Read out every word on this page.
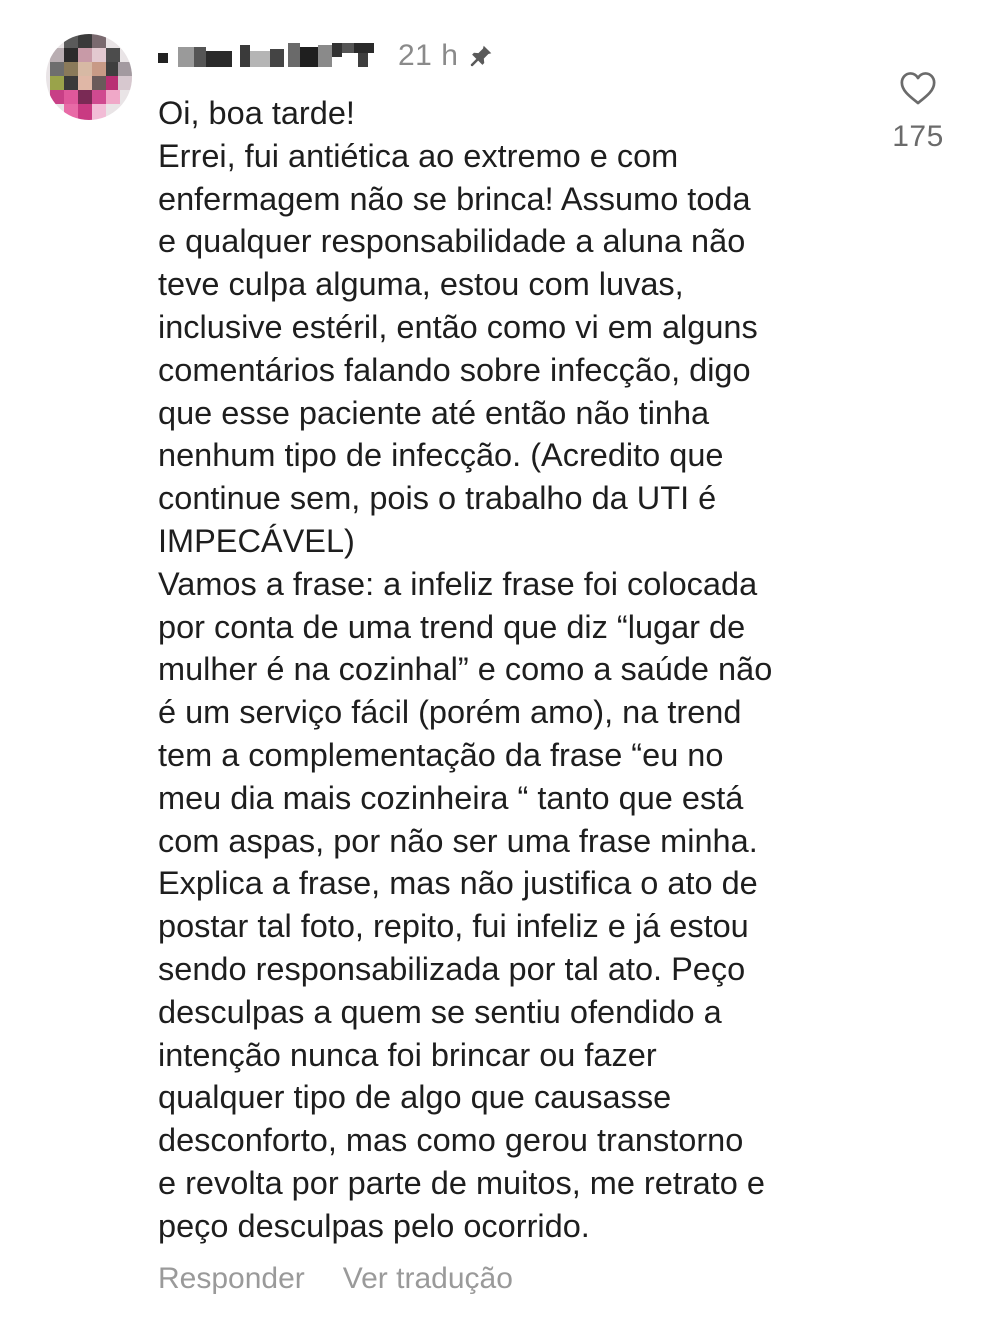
21 h
Oi, boa tarde!
Errei, fui antiética ao extremo e com
enfermagem não se brinca! Assumo toda
e qualquer responsabilidade a aluna não
teve culpa alguma, estou com luvas,
inclusive estéril, então como vi em alguns
comentários falando sobre infecção, digo
que esse paciente até então não tinha
nenhum tipo de infecção. (Acredito que
continue sem, pois o trabalho da UTI é
IMPECÁVEL)
Vamos a frase: a infeliz frase foi colocada
por conta de uma trend que diz “lugar de
mulher é na cozinhal” e como a saúde não
é um serviço fácil (porém amo), na trend
tem a complementação da frase “eu no
meu dia mais cozinheira “ tanto que está
com aspas, por não ser uma frase minha.
Explica a frase, mas não justifica o ato de
postar tal foto, repito, fui infeliz e já estou
sendo responsabilizada por tal ato. Peço
desculpas a quem se sentiu ofendido a
intenção nunca foi brincar ou fazer
qualquer tipo de algo que causasse
desconforto, mas como gerou transtorno
e revolta por parte de muitos, me retrato e
peço desculpas pelo ocorrido.
175
Responder Ver tradução
